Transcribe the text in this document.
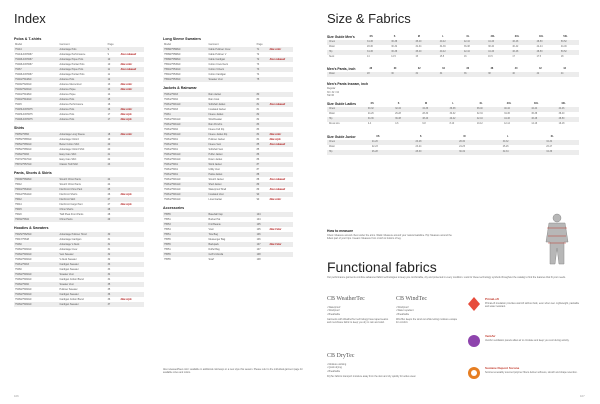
Index
Polos & T-shirts
Model	Garment	Page
75144	Advantage Polo	9
75144LF/RH467	Advantage Performance	9	Also released
75448LF/RH467	Advantage Pique Polo	10
75448LF/RH467	Advantage Pocket Polo	10	New color
75467	Advantage Pique Polo	11	Also released
75448LF/RH467	Advantage Pocket Polo	11
75440/75448LF	Advance Polo	12
75200/75200LF	Advance Mercerized	13	New color
75200/75200LF	Advance Pique	13	New color
75440/75448LF	Advance Pique	14
75440/75440LF	Advance Polo	15
75445	Advance Performance	16
75445LF/RH475	Advance Polo	16	New color
75445LF/RH475	Advance Polo	17	New style
75448LF/RH475	Advance Polo	17	New style
Shirts
75655/75656	Advantage Long Sleeve	18	New color
75655/75655LF	Advantage Oxford	19
75650/75650LF	Better Cotton Shirt	20
75650/75650LF	Advantage Oxford Shirt	20
75460/75466	Easy Care Shirt	21
75470/75470LF	Easy Care Shirt	22
75570/75570LF	Classic Twill Shirt	23
Pants, Shorts & Skirts
75608/75608LF	Stretch Chino Pants	24
75642	Stretch Chino Pants	24
75640/75640LF	Flat Front Chino Pant	25
75642/75642LF	Flat Front Shorts	26	New style
75642	Flat Front Skirt	27
75644	Flat Front Cargo Pant	27	New style
75645	Chino Shorts	28
75620	Twill Pleat Front Pants	28
75630/75632	Chino Pants	29
Hoodies & Sweaters
75625/75625LF	Advantage Pullover Hood	30
75647/75648	Advantage Cardigan	31
75460	Advantage V-Neck	31
75460/75460LF	Advantage Crew	31
75460/75460LF	Vest Sweater	32
75460/75460LF	V-Neck Sweater	32
75461/75463	Cardigan Sweater	33
75460	Cardigan Sweater	33
75460/75460LF	Sweater Vest	34
75460/75460LF	Cardigan Cotton Blend	34
75460/75460	Sweater Vest	35
75460/75460LF	Pullover Sweater	35
75460/75460LF	Cardigan Sweater	36
75460/75460LF	Cardigan Cotton Blend	36	New style
75460/75460LF	Cardigan Sweater	37
Long Sleeve Sweaters
Model	Garment	Page
75588/75588LF	Cable Pullover Crew	71	New color
75588/75588LF	Cable Pullover V	72
75588/75588LF	Cable Cardigan	72	Also released
75540/75545LF	Cotton Crew Neck	73
75540/75540LF	Cotton V-Neck	73
75540/75545LF	Cotton Cardigan	74
75540/75545LF	Sweater Vest	75
Jackets & Rainwear
75461/75463	Rain Jacket	80
75461/75462	Rain Coat	80
75461/75461LF	Softshell Jacket	81	Also released
75461/75463	Insulated Jacket	81
75461	Fleece Jacket	82
75461/75461LF	Windbreaker	82
75461/75461LF	Rain Poncho	83
75461/75462	Fleece Full Zip	83
75461/75461LF	Fleece Jacket Zip	84	New color
75461/75461	Pullover Jacket	84	New style
75461/75461	Fleece Vest	85	Also released
75461/75461	Softshell Vest	85
75461/75461LF	Puffer Jacket	86
75461/75461LF	Down Jacket	86
75461/75461	Work Jacket	87
75461/75461	Utility Vest	87
75461/75461	Parka Jacket	88
75461/75461LF	Stretch Jacket	88	Also released
75461/75461LF	Shell Jacket	89
75461/75461LF	Waterproof Shell	89	Also released
75461/75461LF	Insulated Vest	90
75461/75461LF	Lined Jacket	90	New color
Accessories
75555	Baseball Cap	104
75551	Bucket Hat	104
75553	Knit Beanie	105
75554	Visor	105	New Color
75551	Tote Bag	106
75555	Messenger Bag	106
75555	Backpack	107	New Color
75551	Duffel Bag	107
75555	Golf Umbrella	108
75555	Scarf	108
Also released/New color: available in additional colorways or a new style this season. Please refer to the individual garment page for available sizes and colors.
106
Size & Fabrics
Size Guide Men's	XS	S	M	L	XL	2XL	3XL	4XL	5XL
Chest	34-36	36-38	38-40	40-42	42-44	44-46	46-48	48-50	50-52
Waist	28-30	30-32	32-34	34-36	36-38	38-40	40-42	42-44	44-46
Hip	34-36	36-38	38-40	40-42	42-44	44-46	46-48	48-50	50-52
Neck	14	14.5	15	15.5	16	16.5	17	17.5	18
Men's Pants, inch	28	30	32	34	36	38	40	42	44
Waist	28	30	32	34	36	38	40	42	44
Men's Pants Inseam, inch
Regular
30 / 32 / 34
Tall 36
Size Guide Ladies	XS	S	M	L	XL	2XL	3XL	4XL
Chest	30-32	32-34	34-36	36-38	38-40	40-42	42-44	44-46
Waist	24-26	26-28	28-30	30-32	32-34	34-36	36-38	38-40
Hip	34-36	36-38	38-40	40-42	42-44	44-46	46-48	48-50
Dress size	2-4	4-6	6-8	8-10	10-12	12-14	14-16	16-18
Size Guide Junior	XS	S	M	L	XL
Chest	24-26	26-28	28-30	30-32	32-34
Waist	22-23	23-24	24-25	25-26	26-27
Hip	26-28	28-30	30-32	32-34	34-36
How to measure
Chest: Measure around chest under the arms. Waist: Measure around your natural waistline. Hip: Measure around the fullest part of your hips. Inseam: Measure from crotch to bottom of leg.
Functional fabrics
Our performance garments combine advanced fabric technologies to keep you comfortable, dry and protected in every condition. Look for these technology symbols throughout the catalog to find the features that fit your needs.
CB WeatherTec
• Waterproof
• Windproof
• Breathable
Garments with WeatherTec technology have taped seams and membrane fabric to keep you dry in rain and wind.
CB WindTec
• Windproof
• Water repellent
• Breathable
WindTec keeps the wind out while letting moisture escape for comfort.
CB DryTec
• Moisture wicking
• Quick drying
• Breathable
DryTec fabrics transport moisture away from the skin and dry quickly for active wear.
PrimaLoft
PrimaLoft insulation provides warmth without bulk, even when wet. Lightweight, packable and water resistant.
VentAir
VentAir ventilation panels allow air to circulate and keep you cool during activity.
Sustane Dupont Sorona
Sorona renewably sourced polymer fibers deliver softness, stretch and shape retention.
107
